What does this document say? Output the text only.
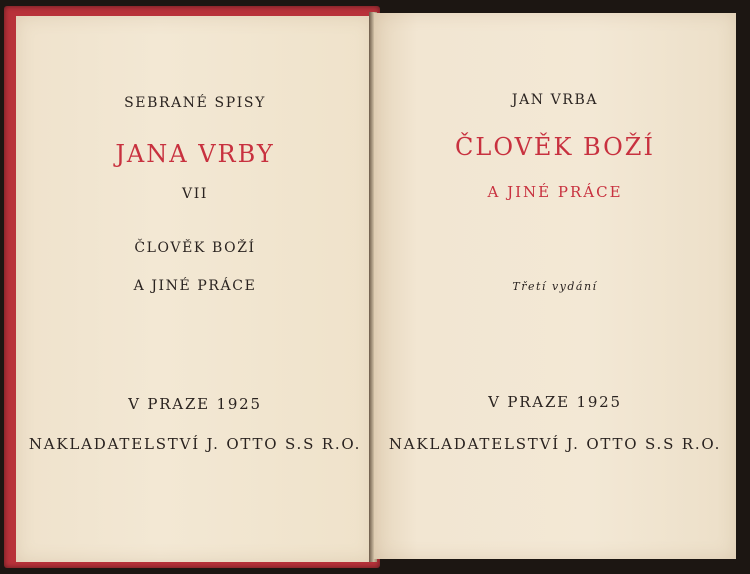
SEBRANÉ SPISY

JANA VRBY

VII

ČLOVĚK BOŽÍ

A JINÉ PRÁCE

V PRAZE 1925

NAKLADATELSTVÍ J. OTTO S.S R.O.

JAN VRBA

ČLOVĚK BOŽÍ

A JINÉ PRÁCE

Třetí vydání

V PRAZE 1925

NAKLADATELSTVÍ J. OTTO S.S R.O.
